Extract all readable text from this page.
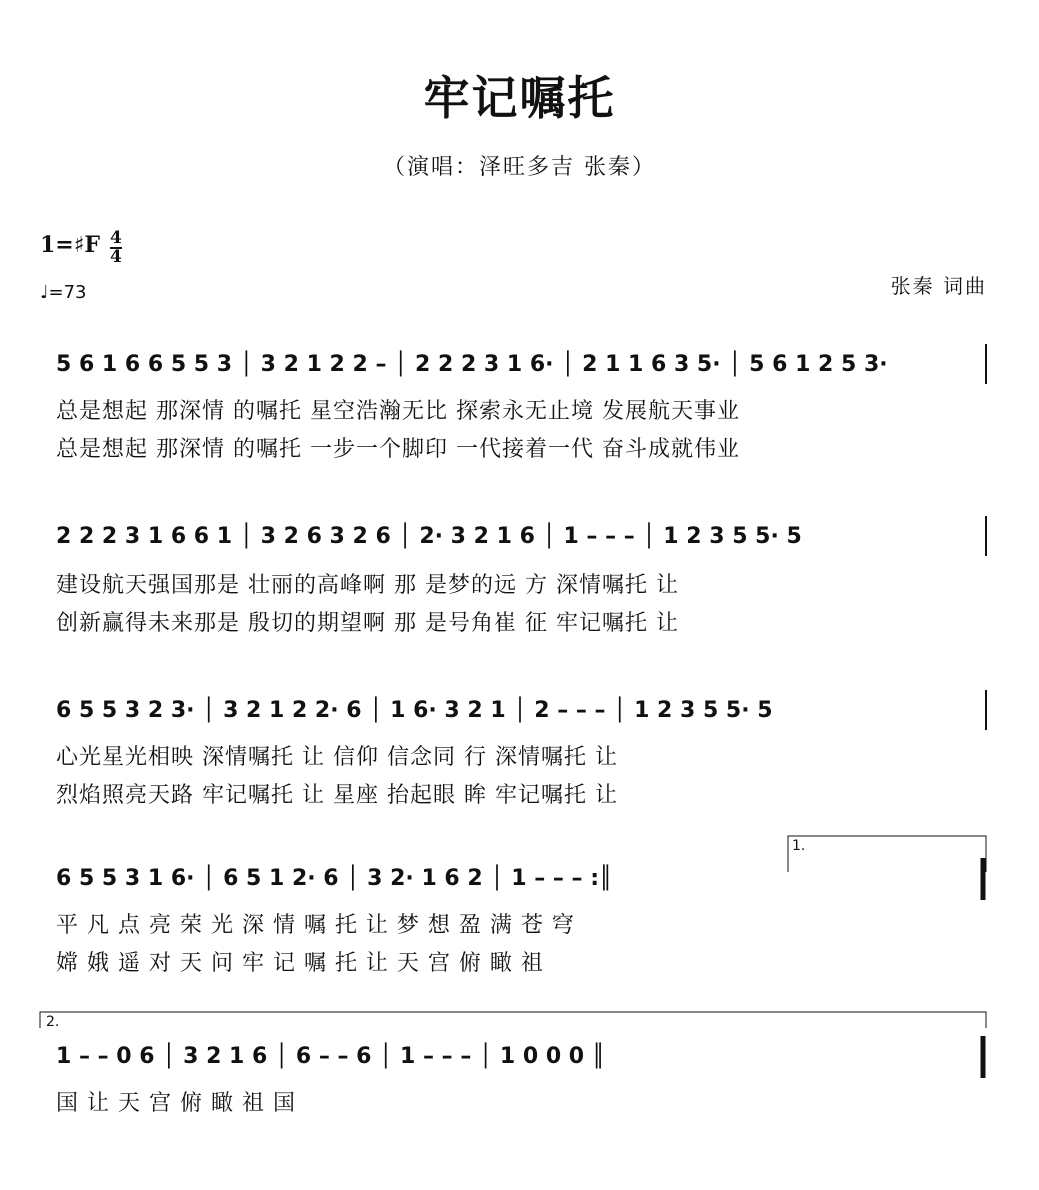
牢记嘱托
（演唱：泽旺多吉 张秦）
1=♯F 4
4
♩=73	张秦 词曲
5 6 1 6 6 5 5 3 │ 3 2 1 2 2 – │ 2 2 2 3 1 6· │ 2 1 1 6 3 5· │ 5 6 1 2 5 3·
总是想起 那深情 的嘱托 星空浩瀚无比 探索永无止境 发展航天事业
总是想起 那深情 的嘱托 一步一个脚印 一代接着一代 奋斗成就伟业
2 2 2 3 1 6 6 1 │ 3 2 6 3 2 6 │ 2· 3 2 1 6 │ 1 – – – │ 1 2 3 5 5· 5
建设航天强国那是 壮丽的高峰啊 那 是梦的远 方 深情嘱托 让
创新赢得未来那是 殷切的期望啊 那 是号角崔 征 牢记嘱托 让
6 5 5 3 2 3· │ 3 2 1 2 2· 6 │ 1 6· 3 2 1 │ 2 – – – │ 1 2 3 5 5· 5
心光星光相映 深情嘱托 让 信仰 信念同 行 深情嘱托 让
烈焰照亮天路 牢记嘱托 让 星座 抬起眼 眸 牢记嘱托 让
1.
6 5 5 3 1 6· │ 6 5 1 2· 6 │ 3 2· 1 6 2 │ 1 – – – :║
平 凡 点 亮 荣 光 深 情 嘱 托 让 梦 想 盈 满 苍 穹
嫦 娥 遥 对 天 问 牢 记 嘱 托 让 天 宫 俯 瞰 祖
2.
1 – – 0 6 │ 3 2 1 6 │ 6 – – 6 │ 1 – – – │ 1 0 0 0 ║
国 让 天 宫 俯 瞰 祖 国
